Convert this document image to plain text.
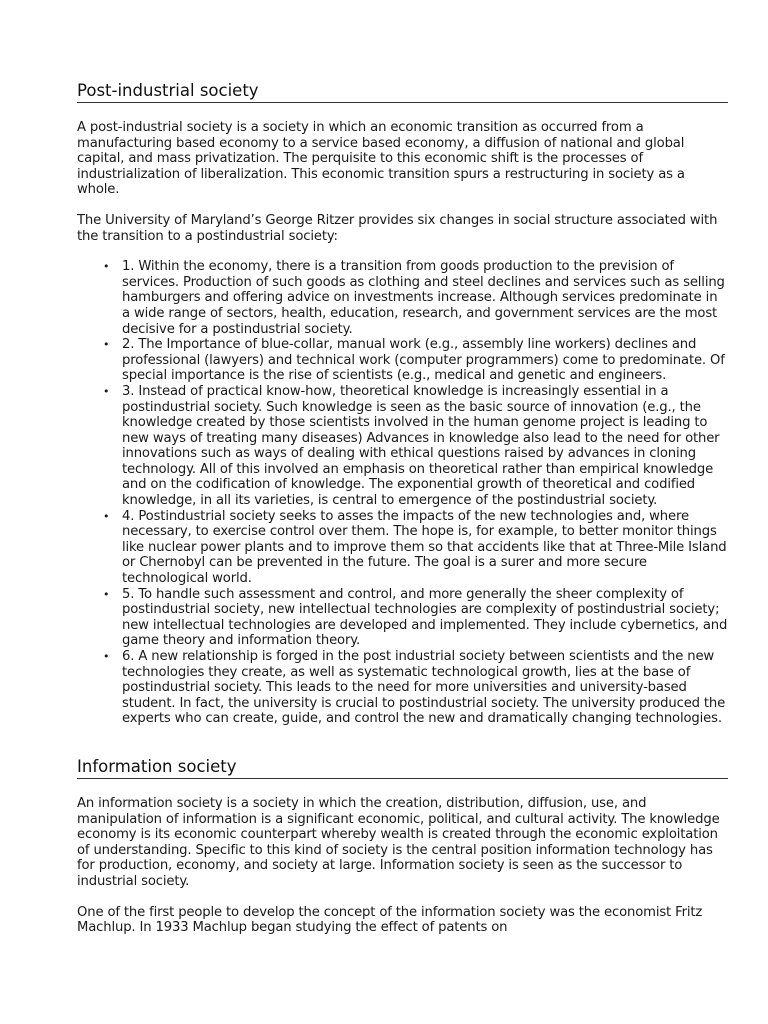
Post-industrial society

A post-industrial society is a society in which an economic transition as occurred from a manufacturing based economy to a service based economy, a diffusion of national and global capital, and mass privatization. The perquisite to this economic shift is the processes of industrialization of liberalization. This economic transition spurs a restructuring in society as a whole.

The University of Maryland’s George Ritzer provides six changes in social structure associated with the transition to a postindustrial society:

• 1. Within the economy, there is a transition from goods production to the prevision of services. Production of such goods as clothing and steel declines and services such as selling hamburgers and offering advice on investments increase. Although services predominate in a wide range of sectors, health, education, research, and government services are the most decisive for a postindustrial society.
• 2. The Importance of blue-collar, manual work (e.g., assembly line workers) declines and professional (lawyers) and technical work (computer programmers) come to predominate. Of special importance is the rise of scientists (e.g., medical and genetic and engineers.
• 3. Instead of practical know-how, theoretical knowledge is increasingly essential in a postindustrial society. Such knowledge is seen as the basic source of innovation (e.g., the knowledge created by those scientists involved in the human genome project is leading to new ways of treating many diseases) Advances in knowledge also lead to the need for other innovations such as ways of dealing with ethical questions raised by advances in cloning technology. All of this involved an emphasis on theoretical rather than empirical knowledge and on the codification of knowledge. The exponential growth of theoretical and codified knowledge, in all its varieties, is central to emergence of the postindustrial society.
• 4. Postindustrial society seeks to asses the impacts of the new technologies and, where necessary, to exercise control over them. The hope is, for example, to better monitor things like nuclear power plants and to improve them so that accidents like that at Three-Mile Island or Chernobyl can be prevented in the future. The goal is a surer and more secure technological world.
• 5. To handle such assessment and control, and more generally the sheer complexity of postindustrial society, new intellectual technologies are complexity of postindustrial society; new intellectual technologies are developed and implemented. They include cybernetics, and game theory and information theory.
• 6. A new relationship is forged in the post industrial society between scientists and the new technologies they create, as well as systematic technological growth, lies at the base of postindustrial society. This leads to the need for more universities and university-based student. In fact, the university is crucial to postindustrial society. The university produced the experts who can create, guide, and control the new and dramatically changing technologies.
Information society

An information society is a society in which the creation, distribution, diffusion, use, and manipulation of information is a significant economic, political, and cultural activity. The knowledge economy is its economic counterpart whereby wealth is created through the economic exploitation of understanding. Specific to this kind of society is the central position information technology has for production, economy, and society at large. Information society is seen as the successor to industrial society.

One of the first people to develop the concept of the information society was the economist Fritz Machlup. In 1933 Machlup began studying the effect of patents on
